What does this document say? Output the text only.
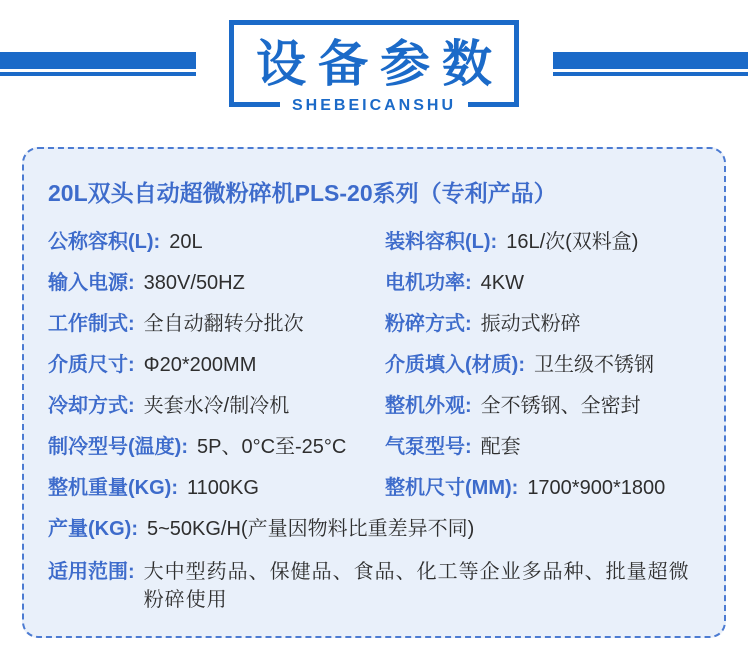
设备参数
SHEBEICANSHU
20L双头自动超微粉碎机PLS-20系列（专利产品）
公称容积(L): 20L	装料容积(L): 16L/次(双料盒)
输入电源: 380V/50HZ	电机功率: 4KW
工作制式: 全自动翻转分批次	粉碎方式: 振动式粉碎
介质尺寸: Φ20*200MM	介质填入(材质): 卫生级不锈钢
冷却方式: 夹套水冷/制冷机	整机外观: 全不锈钢、全密封
制冷型号(温度): 5P、0°C至-25°C 气泵型号: 配套
整机重量(KG): 1100KG	整机尺寸(MM): 1700*900*1800
产量(KG): 5~50KG/H(产量因物料比重差异不同)
适用范围: 大中型药品、保健品、食品、化工等企业多品种、批量超微粉碎使用
